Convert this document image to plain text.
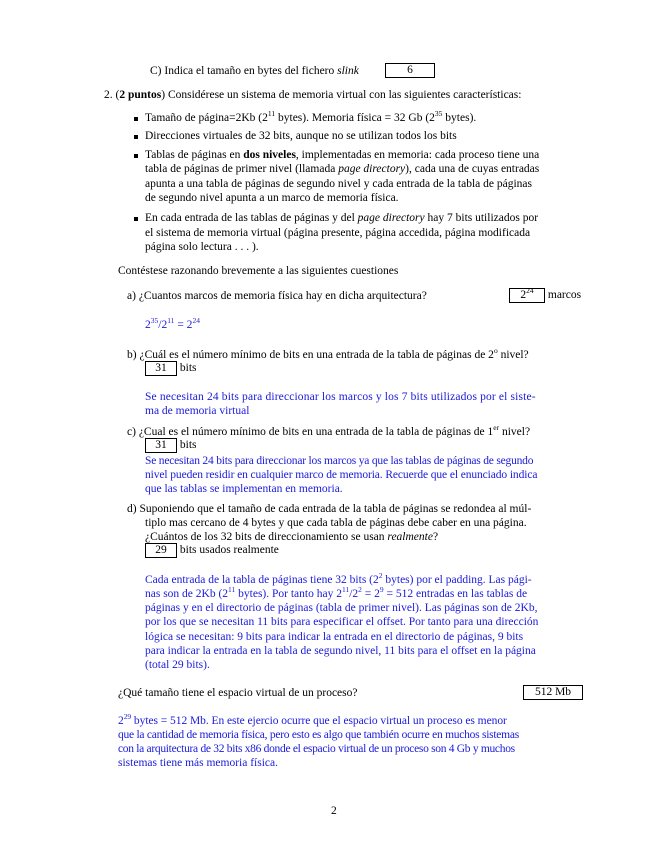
C) Indica el tamaño en bytes del fichero slink	6
2. (2 puntos) Considérese un sistema de memoria virtual con las siguientes características:
Tamaño de página=2Kb ($2^{11}$ bytes). Memoria física = 32 Gb ($2^{35}$ bytes).
Direcciones virtuales de 32 bits, aunque no se utilizan todos los bits
Tablas de páginas en dos niveles, implementadas en memoria: cada proceso tiene una
tabla de páginas de primer nivel (llamada page directory), cada una de cuyas entradas
apunta a una tabla de páginas de segundo nivel y cada entrada de la tabla de páginas
de segundo nivel apunta a un marco de memoria física.
En cada entrada de las tablas de páginas y del page directory hay 7 bits utilizados por
el sistema de memoria virtual (página presente, página accedida, página modificada
página solo lectura . . . ).
Contéstese razonando brevemente a las siguientes cuestiones
a) ¿Cuantos marcos de memoria física hay en dicha arquitectura?	$2^{24}$ marcos
$2^{35}/2^{11} = 2^{24}$
b) ¿Cuál es el número mínimo de bits en una entrada de la tabla de páginas de 2$^o$ nivel?
31 bits
Se necesitan 24 bits para direccionar los marcos y los 7 bits utilizados por el siste-
ma de memoria virtual
c) ¿Cual es el número mínimo de bits en una entrada de la tabla de páginas de 1er nivel?
31 bits
Se necesitan 24 bits para direccionar los marcos ya que las tablas de páginas de segundo
nivel pueden residir en cualquier marco de memoria. Recuerde que el enunciado indica
que las tablas se implementan en memoria.
d) Suponiendo que el tamaño de cada entrada de la tabla de páginas se redondea al múl-
tiplo mas cercano de 4 bytes y que cada tabla de páginas debe caber en una página.
¿Cuántos de los 32 bits de direccionamiento se usan realmente?
29 bits usados realmente
Cada entrada de la tabla de páginas tiene 32 bits ($2^2$ bytes) por el padding. Las pági-
nas son de 2Kb ($2^{11}$ bytes). Por tanto hay $2^{11}/2^2 = 2^9 = 512$ entradas en las tablas de
páginas y en el directorio de páginas (tabla de primer nivel). Las páginas son de 2Kb,
por los que se necesitan 11 bits para especificar el offset. Por tanto para una dirección
lógica se necesitan: 9 bits para indicar la entrada en el directorio de páginas, 9 bits
para indicar la entrada en la tabla de segundo nivel, 11 bits para el offset en la página
(total 29 bits).
¿Qué tamaño tiene el espacio virtual de un proceso?	512 Mb
$2^{29}$ bytes = 512 Mb. En este ejercio ocurre que el espacio virtual un proceso es menor
que la cantidad de memoria física, pero esto es algo que también ocurre en muchos sistemas
con la arquitectura de 32 bits x86 donde el espacio virtual de un proceso son 4 Gb y muchos
sistemas tiene más memoria física.
2
